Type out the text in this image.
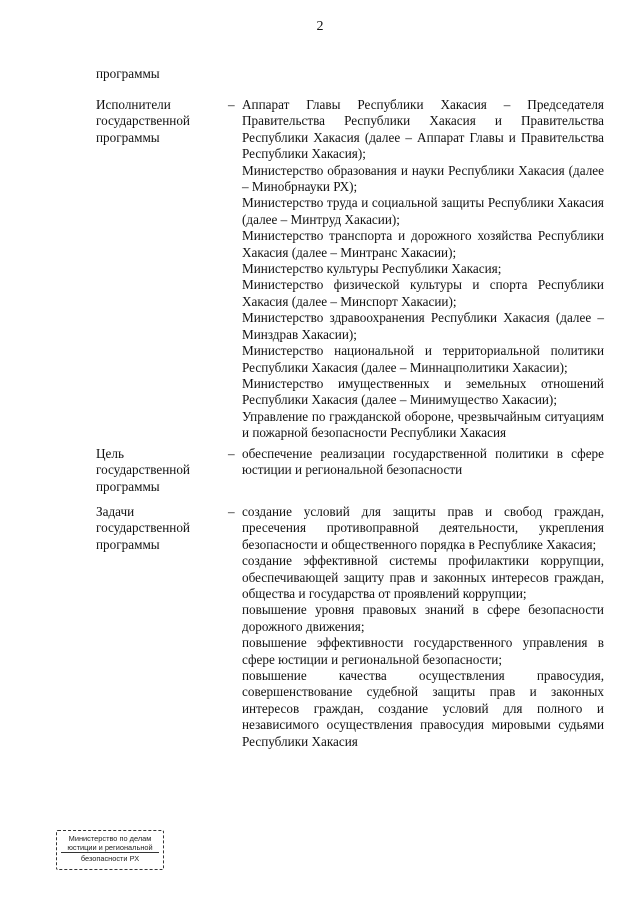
2
программы
Исполнители
государственной
программы
– Аппарат Главы Республики Хакасия – Председателя Правительства Республики Хакасия и Правительства Республики Хакасия (далее – Аппарат Главы и Правительства Республики Хакасия);

Министерство образования и науки Республики Хакасия (далее – Минобрнауки РХ);

Министерство труда и социальной защиты Республики Хакасия (далее – Минтруд Хакасии);

Министерство транспорта и дорожного хозяйства Республики Хакасия (далее – Минтранс Хакасии);

Министерство культуры Республики Хакасия;

Министерство физической культуры и спорта Республики Хакасия (далее – Минспорт Хакасии);

Министерство здравоохранения Республики Хакасия (далее – Минздрав Хакасии);

Министерство национальной и территориальной политики Республики Хакасия (далее – Миннацполитики Хакасии);

Министерство имущественных и земельных отношений Республики Хакасия (далее – Минимущество Хакасии);

Управление по гражданской обороне, чрезвычайным ситуациям и пожарной безопасности Республики Хакасия

Цель
государственной
программы
– обеспечение реализации государственной политики в сфере юстиции и региональной безопасности

Задачи
государственной
программы
– создание условий для защиты прав и свобод граждан, пресечения противоправной деятельности, укрепления безопасности и общественного порядка в Республике Хакасия;

создание эффективной системы профилактики коррупции, обеспечивающей защиту прав и законных интересов граждан, общества и государства от проявлений коррупции;

повышение уровня правовых знаний в сфере безопасности дорожного движения;

повышение эффективности государственного управления в сфере юстиции и региональной безопасности;

повышение качества осуществления правосудия, совершенствование судебной защиты прав и законных интересов граждан, создание условий для полного и независимого осуществления правосудия мировыми судьями Республики Хакасия

Министерство по делам
юстиции и региональной
безопасности РХ
